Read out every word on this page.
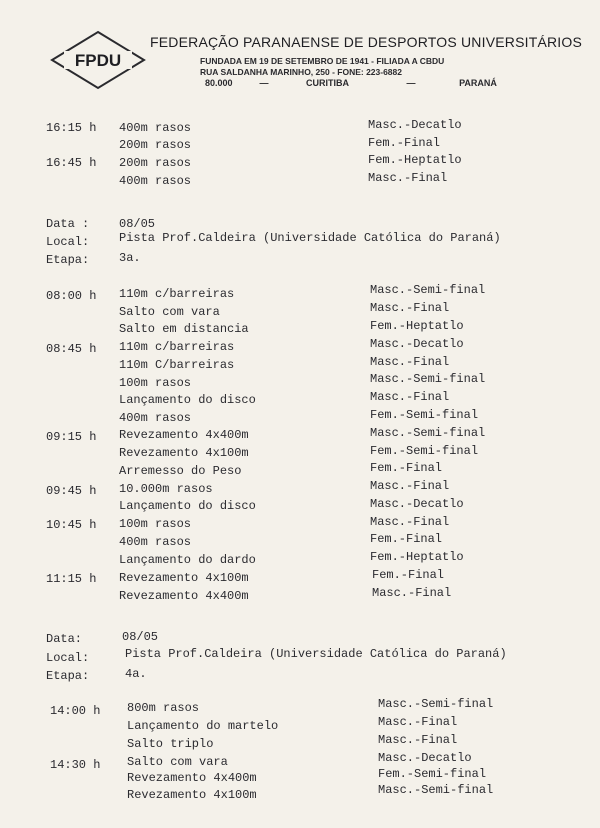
FPDU
FEDERAÇÃO PARANAENSE DE DESPORTOS UNIVERSITÁRIOS
FUNDADA EM 19 DE SETEMBRO DE 1941 - FILIADA A CBDU
RUA SALDANHA MARINHO, 250 - FONE: 223-6882
80.000	—	CURITIBA	—	PARANÁ
16:15 h 400m rasos	Masc.-Decatlo
200m rasos	Fem.-Final
16:45 h 200m rasos	Fem.-Heptatlo
400m rasos	Masc.-Final
Data : 08/05
Local: Pista Prof.Caldeira (Universidade Católica do Paraná)
Etapa: 3a.
08:00 h 110m c/barreiras	Masc.-Semi-final
Salto com vara	Masc.-Final
Salto em distancia	Fem.-Heptatlo
08:45 h 110m c/barreiras	Masc.-Decatlo
110m C/barreiras	Masc.-Final
100m rasos	Masc.-Semi-final
Lançamento do disco	Masc.-Final
400m rasos	Fem.-Semi-final
09:15 h Revezamento 4x400m	Masc.-Semi-final
Revezamento 4x100m	Fem.-Semi-final
Arremesso do Peso	Fem.-Final
09:45 h 10.000m rasos	Masc.-Final
Lançamento do disco	Masc.-Decatlo
10:45 h 100m rasos	Masc.-Final
400m rasos	Fem.-Final
Lançamento do dardo	Fem.-Heptatlo
11:15 h Revezamento 4x100m	Fem.-Final
Revezamento 4x400m	Masc.-Final
Data:	08/05
Local:	Pista Prof.Caldeira (Universidade Católica do Paraná)
Etapa:	4a.
14:00 h 800m rasos	Masc.-Semi-final
Lançamento do martelo	Masc.-Final
Salto triplo	Masc.-Final
14:30 h Salto com vara	Masc.-Decatlo
Revezamento 4x400m	Fem.-Semi-final
Revezamento 4x100m	Masc.-Semi-final
